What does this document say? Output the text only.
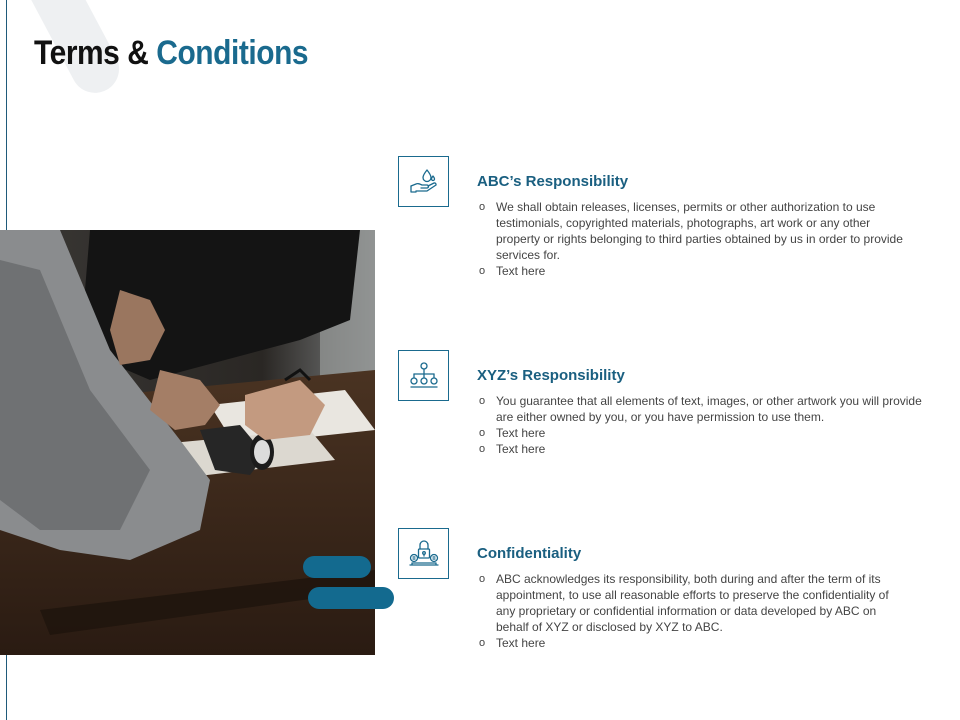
Terms & Conditions
ABC’s Responsibility
o We shall obtain releases, licenses, permits or other authorization to use testimonials, copyrighted materials, photographs, art work or any other property or rights belonging to third parties obtained by us in order to provide services for.
o Text here
XYZ’s Responsibility
o You guarantee that all elements of text, images, or other artwork you will provide are either owned by you, or you have permission to use them.
o Text here
o Text here
Confidentiality
o ABC acknowledges its responsibility, both during and after the term of its appointment, to use all reasonable efforts to preserve the confidentiality of any proprietary or confidential information or data developed by ABC on behalf of XYZ or disclosed by XYZ to ABC.
o Text here
